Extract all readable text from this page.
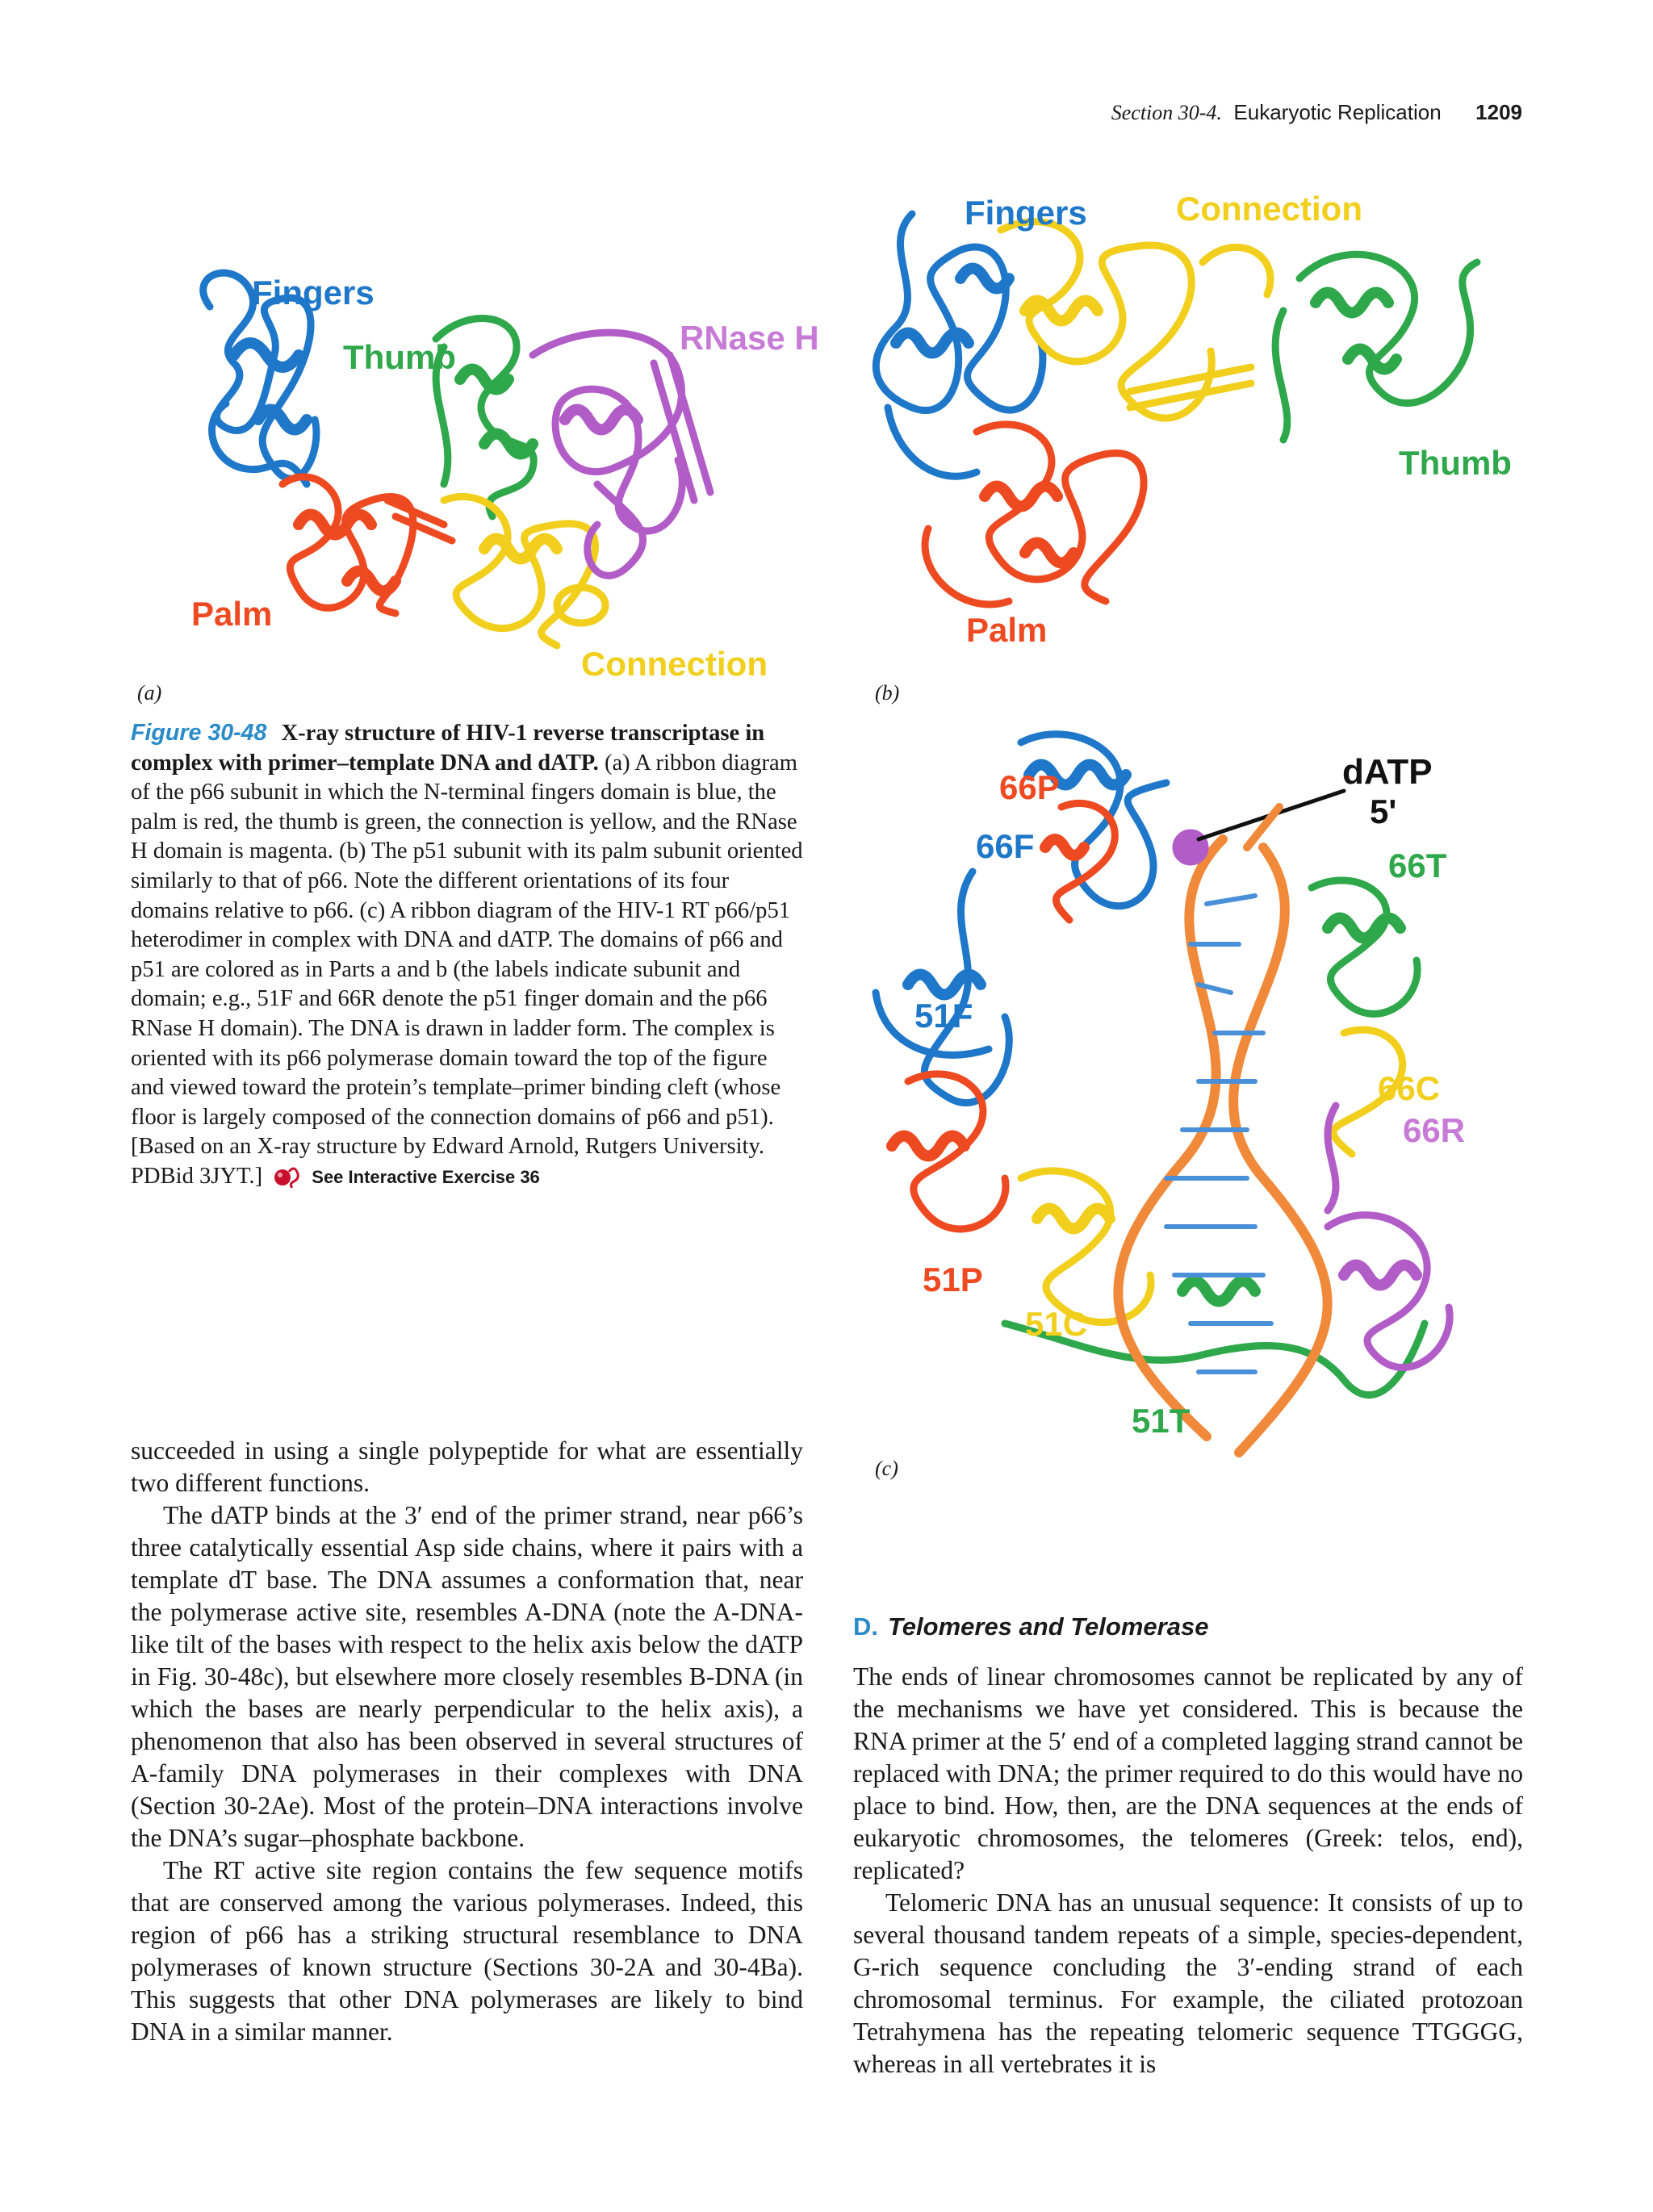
Section 30-4. Eukaryotic Replication 1209
Fingers
Thumb
RNase H
Palm
Connection
(a)
Fingers	Connection
Thumb
Palm
(b)
66P
66F
dATP
5'
66T
51F
66C
66R
51P
51C
51T
(c)
Figure 30-48 X-ray structure of HIV-1 reverse transcriptase in complex with primer–template DNA and dATP. (a) A ribbon diagram of the p66 subunit in which the N-terminal fingers domain is blue, the palm is red, the thumb is green, the connection is yellow, and the RNase H domain is magenta. (b) The p51 subunit with its palm subunit oriented similarly to that of p66. Note the different orientations of its four domains relative to p66. (c) A ribbon diagram of the HIV-1 RT p66/p51 heterodimer in complex with DNA and dATP. The domains of p66 and p51 are colored as in Parts a and b (the labels indicate subunit and domain; e.g., 51F and 66R denote the p51 finger domain and the p66 RNase H domain). The DNA is drawn in ladder form. The complex is oriented with its p66 polymerase domain toward the top of the figure and viewed toward the protein’s template–primer binding cleft (whose floor is largely composed of the connection domains of p66 and p51). [Based on an X-ray structure by Edward Arnold, Rutgers University. PDBid 3JYT.]	See Interactive Exercise 36

succeeded in using a single polypeptide for what are essentially two different functions.

The dATP binds at the 3′ end of the primer strand, near p66’s three catalytically essential Asp side chains, where it pairs with a template dT base. The DNA assumes a conformation that, near the polymerase active site, resembles A-DNA (note the A-DNA-like tilt of the bases with respect to the helix axis below the dATP in Fig. 30-48c), but elsewhere more closely resembles B-DNA (in which the bases are nearly perpendicular to the helix axis), a phenomenon that also has been observed in several structures of A-family DNA polymerases in their complexes with DNA (Section 30-2Ae). Most of the protein–DNA interactions involve the DNA’s sugar–phosphate backbone.

The RT active site region contains the few sequence motifs that are conserved among the various polymerases. Indeed, this region of p66 has a striking structural resemblance to DNA polymerases of known structure (Sections 30-2A and 30-4Ba). This suggests that other DNA polymerases are likely to bind DNA in a similar manner.

D. Telomeres and Telomerase

The ends of linear chromosomes cannot be replicated by any of the mechanisms we have yet considered. This is because the RNA primer at the 5′ end of a completed lagging strand cannot be replaced with DNA; the primer required to do this would have no place to bind. How, then, are the DNA sequences at the ends of eukaryotic chromosomes, the telomeres (Greek: telos, end), replicated?

Telomeric DNA has an unusual sequence: It consists of up to several thousand tandem repeats of a simple, species-dependent, G-rich sequence concluding the 3′-ending strand of each chromosomal terminus. For example, the ciliated protozoan Tetrahymena has the repeating telomeric sequence TTGGGG, whereas in all vertebrates it is
